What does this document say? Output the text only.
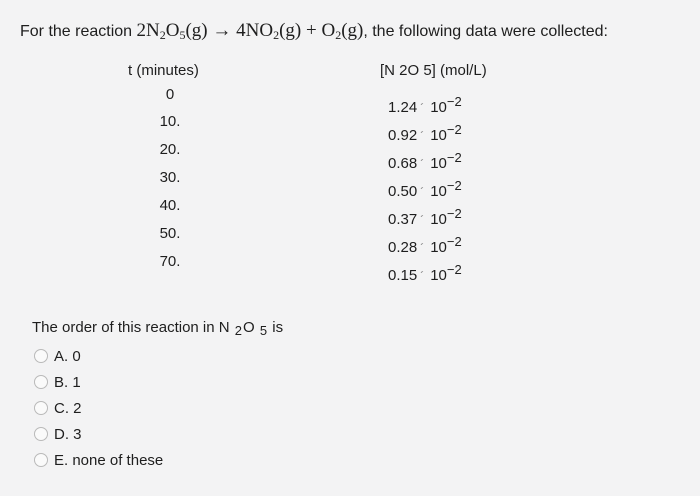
For the reaction $2N_2O_5(g) \to 4NO_2(g) + O_2(g)$, the following data were collected:
t (minutes)	[N 2O 5] (mol/L)
0
10.
20.
30.
40.
50.
70.
1.24 ´ $10^{-2}$
0.92 ´ $10^{-2}$
0.68 ´ $10^{-2}$
0.50 ´ $10^{-2}$
0.37 ´ $10^{-2}$
0.28 ´ $10^{-2}$
0.15 ´ $10^{-2}$
The order of this reaction in N 2O 5 is
A. 0
B. 1
C. 2
D. 3
E. none of these
